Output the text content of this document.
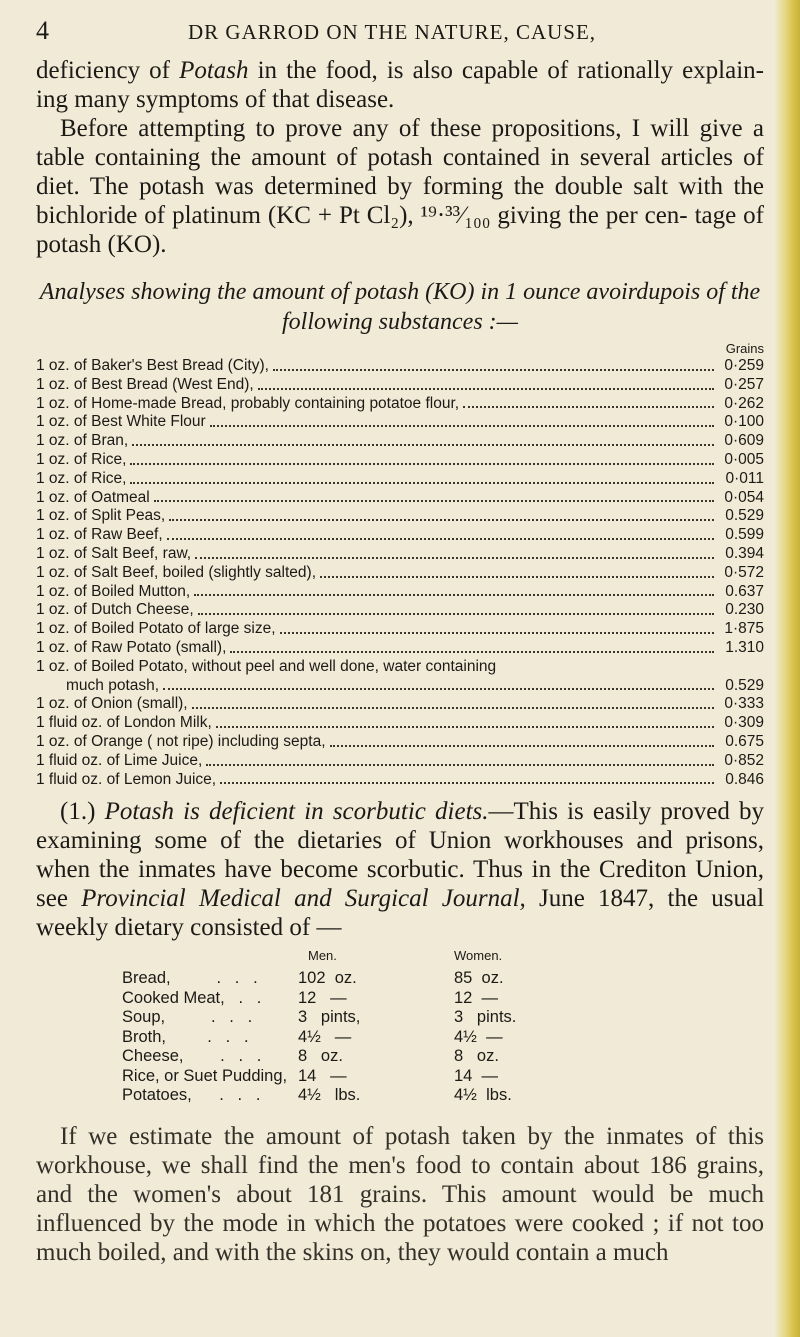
4	DR GARROD ON THE NATURE, CAUSE,

deficiency of Potash in the food, is also capable of rationally explain- ing many symptoms of that disease.

Before attempting to prove any of these propositions, I will give a table containing the amount of potash contained in several articles of diet. The potash was determined by forming the double salt with the bichloride of platinum (KC + Pt Cl₂), ¹⁹·³³⁄₁₀₀ giving the per cen- tage of potash (KO).

Analyses showing the amount of potash (KO) in 1 ounce avoirdupois of the following substances :—

Grains
1 oz. of Baker's Best Bread (City),	0·259
1 oz. of Best Bread (West End),	0·257
1 oz. of Home-made Bread, probably containing potatoe flour,	0·262
1 oz. of Best White Flour	0·100
1 oz. of Bran,	0·609
1 oz. of Rice,	0·005
1 oz. of Rice,	0·011
1 oz. of Oatmeal	0·054
1 oz. of Split Peas,	0.529
1 oz. of Raw Beef,	0.599
1 oz. of Salt Beef, raw,	0.394
1 oz. of Salt Beef, boiled (slightly salted),	0·572
1 oz. of Boiled Mutton,	0.637
1 oz. of Dutch Cheese,	0.230
1 oz. of Boiled Potato of large size,	1·875
1 oz. of Raw Potato (small),	1.310
1 oz. of Boiled Potato, without peel and well done, water containing
much potash,	0.529
1 oz. of Onion (small),	0·333
1 fluid oz. of London Milk,	0·309
1 oz. of Orange ( not ripe) including septa,	0.675
1 fluid oz. of Lime Juice,	0·852
1 fluid oz. of Lemon Juice,	0.846

(1.) Potash is deficient in scorbutic diets.—This is easily proved by examining some of the dietaries of Union workhouses and prisons, when the inmates have become scorbutic. Thus in the Crediton Union, see Provincial Medical and Surgical Journal, June 1847, the usual weekly dietary consisted of —

Men.	Women.
Bread,          .   .   . 102  oz.	85  oz.
Cooked Meat,   .   . 12   —	12  —
Soup,          .   .   .	3   pints,	3   pints.
Broth,         .   .   .	4½   —	4½  —
Cheese,        .   .   . 8   oz.	8   oz.
Rice, or Suet Pudding, 14   —	14  —
Potatoes,      .   .   . 4½   lbs.	4½  lbs.

If we estimate the amount of potash taken by the inmates of this workhouse, we shall find the men's food to contain about 186 grains, and the women's about 181 grains. This amount would be much influenced by the mode in which the potatoes were cooked ; if not too much boiled, and with the skins on, they would contain a much
